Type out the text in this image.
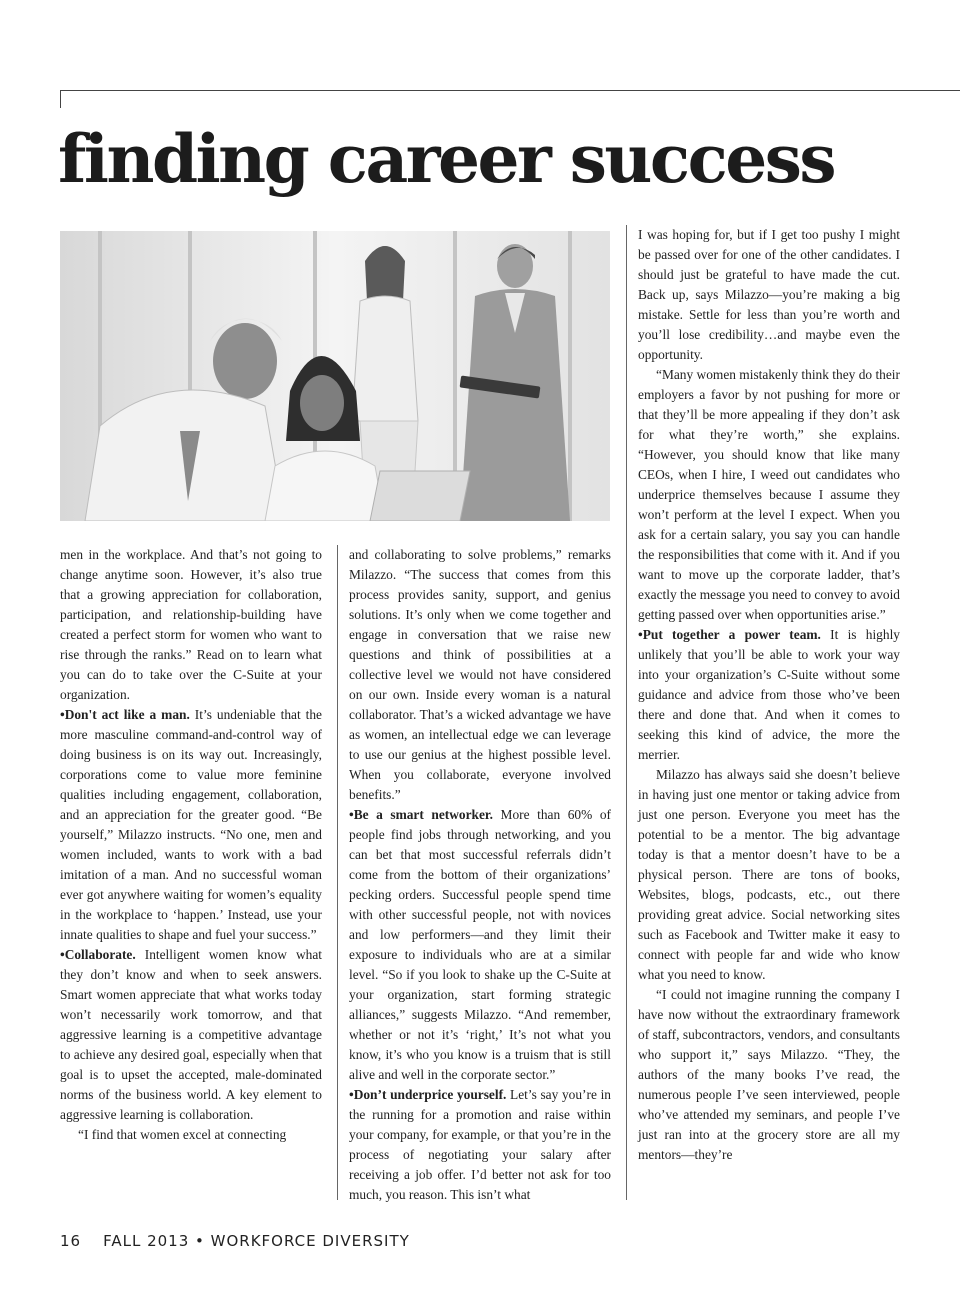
finding career success

men in the workplace. And that’s not going to change anytime soon. However, it’s also true that a growing appreciation for collaboration, participation, and relationship-building have created a perfect storm for women who want to rise through the ranks.” Read on to learn what you can do to take over the C-Suite at your organization.

•Don't act like a man. It’s undeniable that the more masculine command-and-control way of doing business is on its way out. Increasingly, corporations come to value more feminine qualities including engagement, collaboration, and an appreciation for the greater good. “Be yourself,” Milazzo instructs. “No one, men and women included, wants to work with a bad imitation of a man. And no successful woman ever got anywhere waiting for women’s equality in the workplace to ‘happen.’ Instead, use your innate qualities to shape and fuel your success.”

•Collaborate. Intelligent women know what they don’t know and when to seek answers. Smart women appreciate that what works today won’t necessarily work tomorrow, and that aggressive learning is a competitive advantage to achieve any desired goal, especially when that goal is to upset the accepted, male-dominated norms of the business world. A key element to aggressive learning is collaboration.

“I find that women excel at connecting

and collaborating to solve problems,” remarks Milazzo. “The success that comes from this process provides sanity, support, and genius solutions. It’s only when we come together and engage in conversation that we raise new questions and think of possibilities at a collective level we would not have considered on our own. Inside every woman is a natural collaborator. That’s a wicked advantage we have as women, an intellectual edge we can leverage to use our genius at the highest possible level. When you collaborate, everyone involved benefits.”

•Be a smart networker. More than 60% of people find jobs through networking, and you can bet that most successful referrals didn’t come from the bottom of their organizations’ pecking orders. Successful people spend time with other successful people, not with novices and low performers—and they limit their exposure to individuals who are at a similar level. “So if you look to shake up the C-Suite at your organization, start forming strategic alliances,” suggests Milazzo. “And remember, whether or not it’s ‘right,’ It’s not what you know, it’s who you know is a truism that is still alive and well in the corporate sector.”

•Don’t underprice yourself. Let’s say you’re in the running for a promotion and raise within your company, for example, or that you’re in the process of negotiating your salary after receiving a job offer. I’d better not ask for too much, you reason. This isn’t what

I was hoping for, but if I get too pushy I might be passed over for one of the other candidates. I should just be grateful to have made the cut. Back up, says Milazzo—you’re making a big mistake. Settle for less than you’re worth and you’ll lose credibility…and maybe even the opportunity.

“Many women mistakenly think they do their employers a favor by not pushing for more or that they’ll be more appealing if they don’t ask for what they’re worth,” she explains. “However, you should know that like many CEOs, when I hire, I weed out candidates who underprice themselves because I assume they won’t perform at the level I expect. When you ask for a certain salary, you say you can handle the responsibilities that come with it. And if you want to move up the corporate ladder, that’s exactly the message you need to convey to avoid getting passed over when opportunities arise.”

•Put together a power team. It is highly unlikely that you’ll be able to work your way into your organization’s C-Suite without some guidance and advice from those who’ve been there and done that. And when it comes to seeking this kind of advice, the more the merrier.

Milazzo has always said she doesn’t believe in having just one mentor or taking advice from just one person. Everyone you meet has the potential to be a mentor. The big advantage today is that a mentor doesn’t have to be a physical person. There are tons of books, Websites, blogs, podcasts, etc., out there providing great advice. Social networking sites such as Facebook and Twitter make it easy to connect with people far and wide who know what you need to know.

“I could not imagine running the company I have now without the extraordinary framework of staff, subcontractors, vendors, and consultants who support it,” says Milazzo. “They, the authors of the many books I’ve read, the numerous people I’ve seen interviewed, people who’ve attended my seminars, and people I’ve just ran into at the grocery store are all my mentors—they’re

16 FALL 2013 • WORKFORCE DIVERSITY
